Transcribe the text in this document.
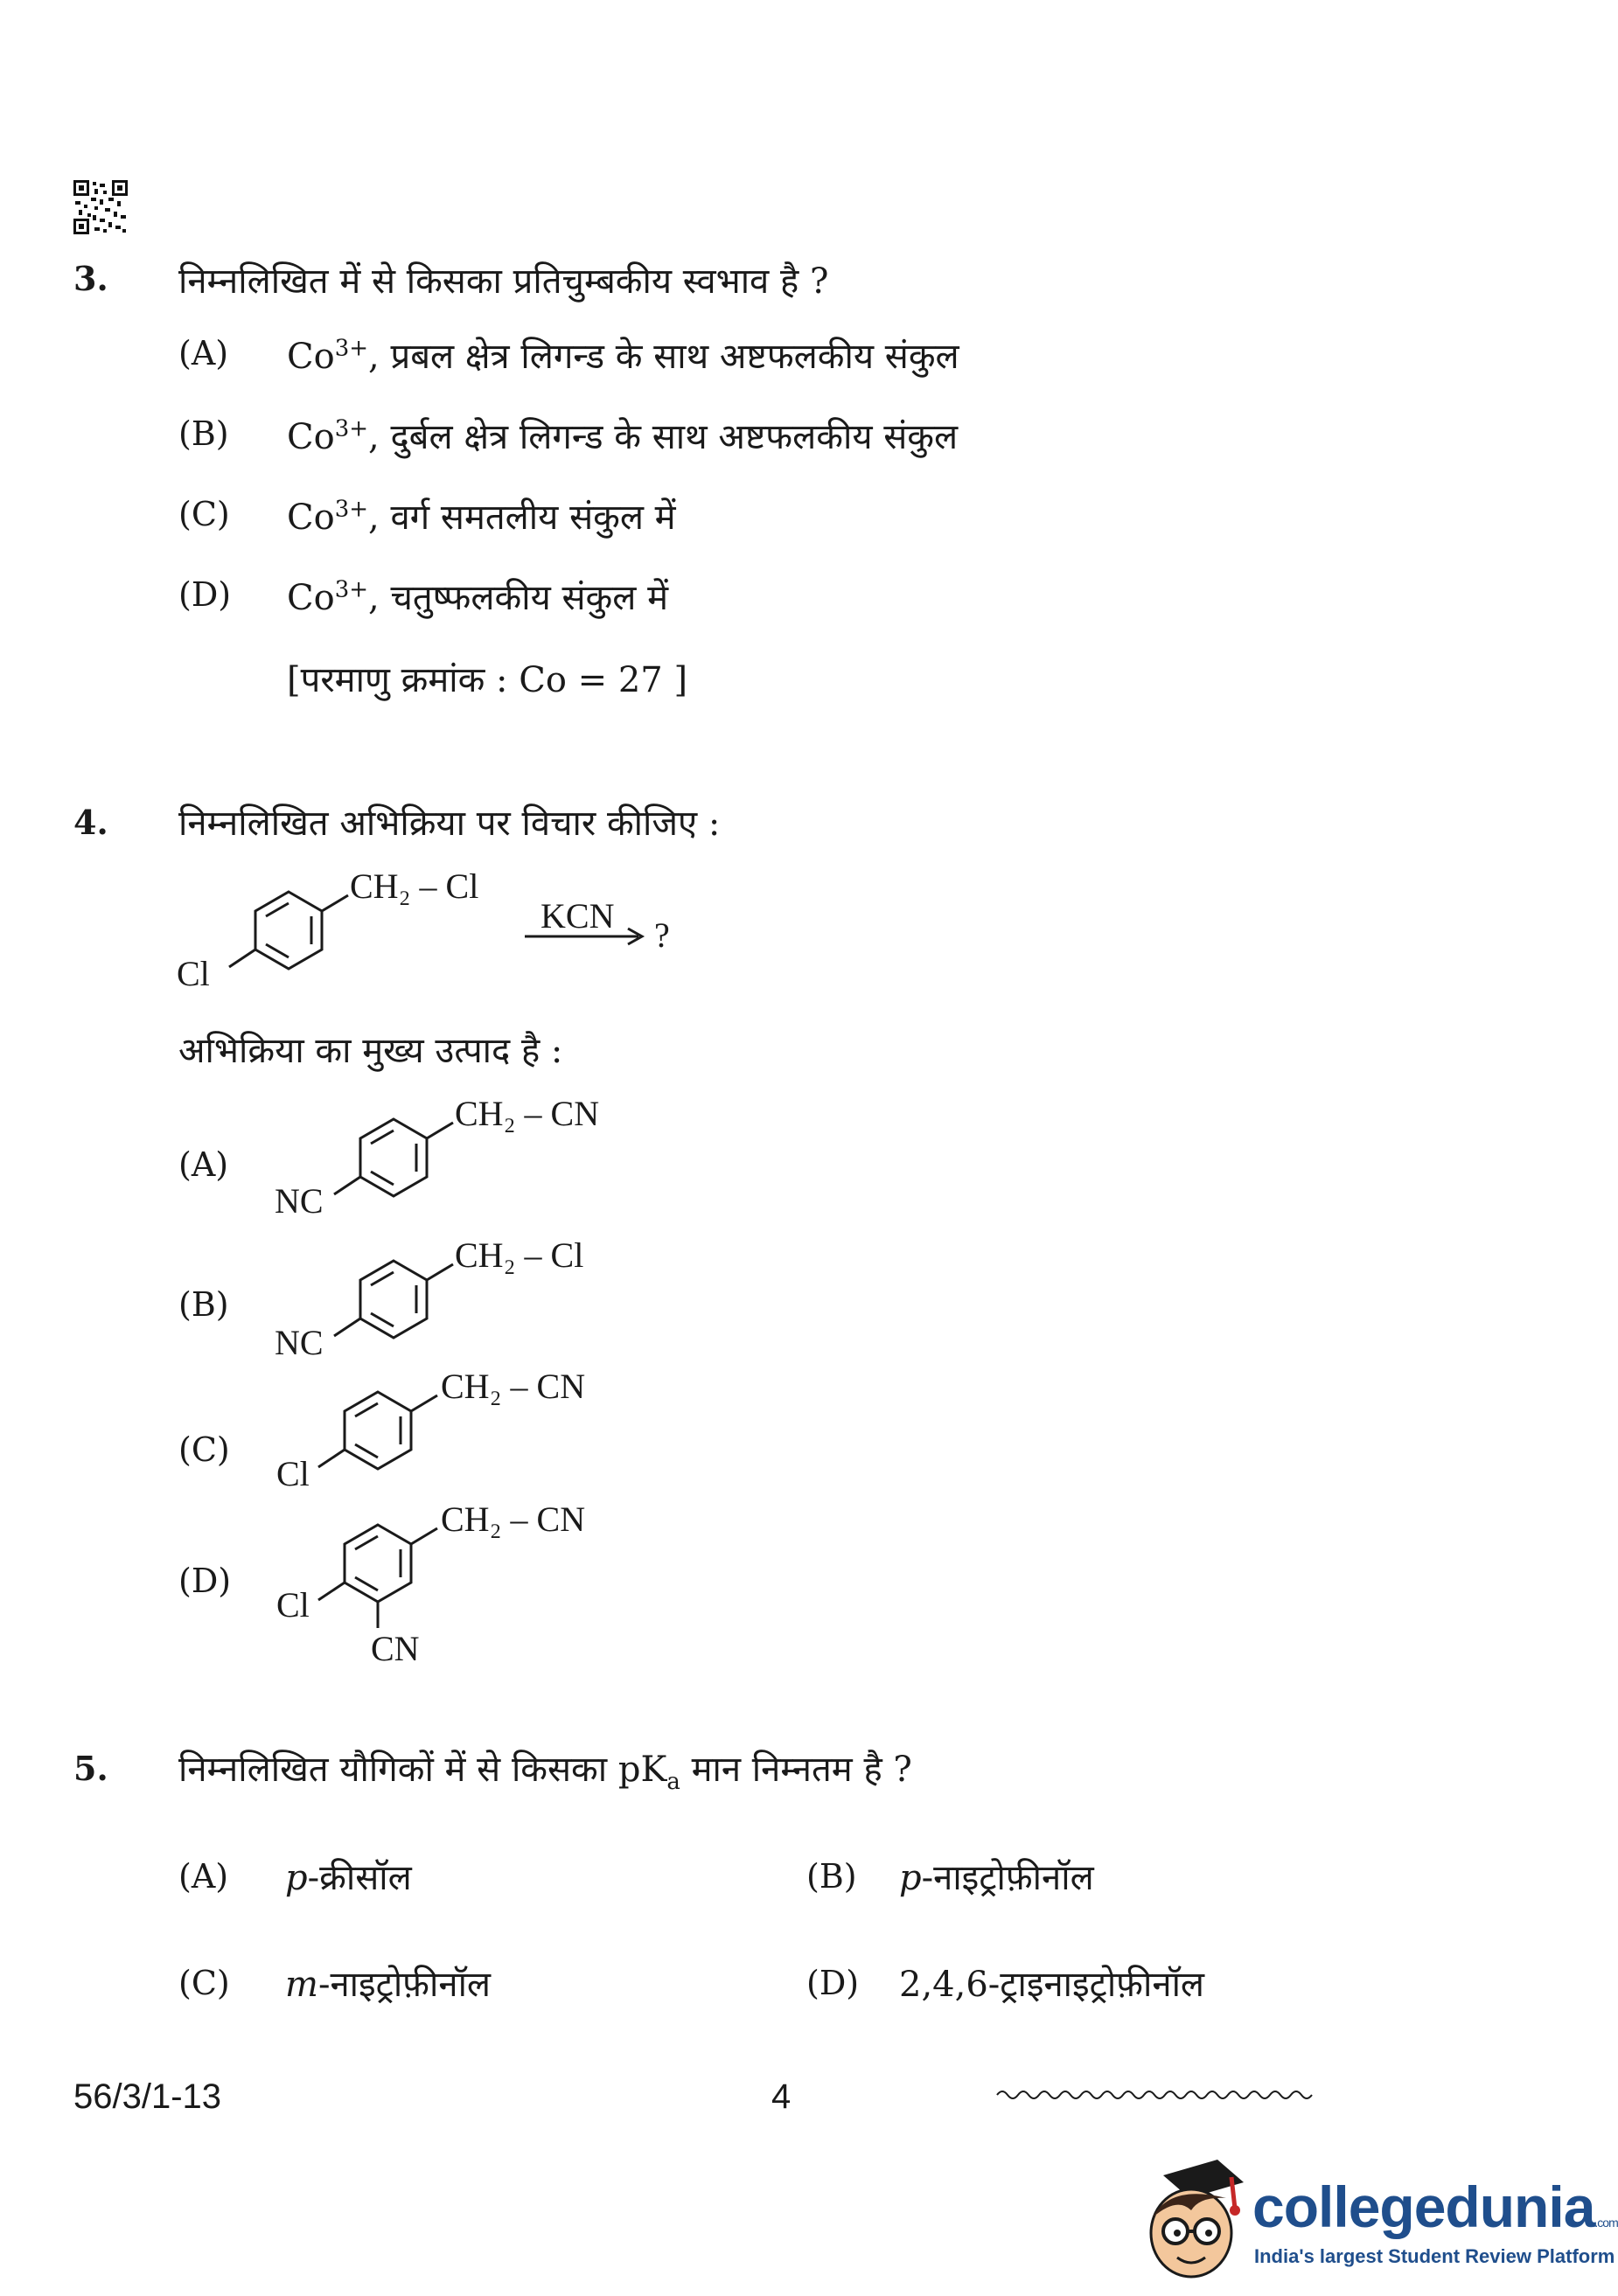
3. निम्नलिखित में से किसका प्रतिचुम्बकीय स्वभाव है ?
(A) $Co^{3+}$, प्रबल क्षेत्र लिगन्ड के साथ अष्टफलकीय संकुल
(B) $Co^{3+}$, दुर्बल क्षेत्र लिगन्ड के साथ अष्टफलकीय संकुल
(C) $Co^{3+}$, वर्ग समतलीय संकुल में
(D) $Co^{3+}$, चतुष्फलकीय संकुल में
[परमाणु क्रमांक : Co = 27 ]
4. निम्नलिखित अभिक्रिया पर विचार कीजिए :
CH₂ – Cl
Cl
KCN ?
अभिक्रिया का मुख्य उत्पाद है :
(A)
CH₂ – CN
NC
(B)
CH₂ – Cl
NC
(C)
CH₂ – CN
Cl
(D)
CH₂ – CN
Cl
CN
5. निम्नलिखित यौगिकों में से किसका $pK_a$ मान निम्नतम है ?
(A) p-क्रीसॉल	(B) p-नाइट्रोफ़ीनॉल
(C) m-नाइट्रोफ़ीनॉल	(D) 2,4,6-ट्राइनाइट्रोफ़ीनॉल
56/3/1-13	4
collegedunia.com
India's largest Student Review Platform
